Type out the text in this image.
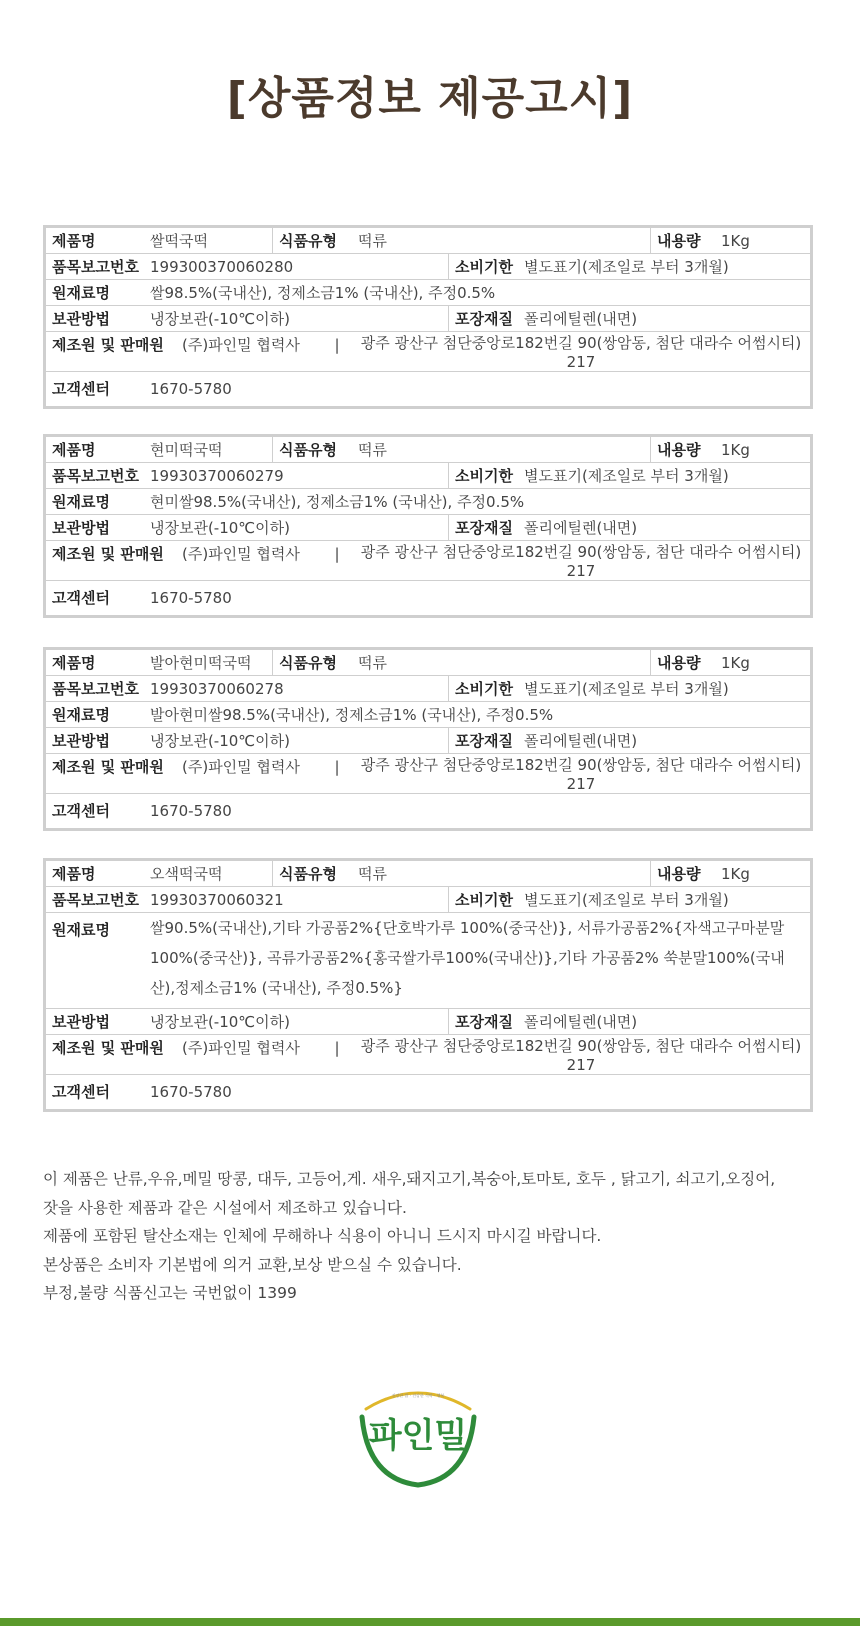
[상품정보 제공고시]
제품명	쌀떡국떡	식품유형	떡류	내용량	1Kg
품목보고번호 199300370060280	소비기한 별도표기(제조일로 부터 3개월)
원재료명	쌀98.5%(국내산), 정제소금1% (국내산), 주정0.5%
보관방법	냉장보관(-10℃이하)	포장재질 폴리에틸렌(내면)
제조원 및 판매원	(주)파인밀 협력사	|	광주 광산구 첨단중앙로182번길 90(쌍암동, 첨단 대라수 어썸시티) 217
고객센터	1670-5780
제품명	현미떡국떡	식품유형	떡류	내용량	1Kg
품목보고번호 19930370060279	소비기한 별도표기(제조일로 부터 3개월)
원재료명	현미쌀98.5%(국내산), 정제소금1% (국내산), 주정0.5%
보관방법	냉장보관(-10℃이하)	포장재질 폴리에틸렌(내면)
제조원 및 판매원	(주)파인밀 협력사	|	광주 광산구 첨단중앙로182번길 90(쌍암동, 첨단 대라수 어썸시티) 217
고객센터	1670-5780
제품명	발아현미떡국떡	식품유형	떡류	내용량	1Kg
품목보고번호 19930370060278	소비기한 별도표기(제조일로 부터 3개월)
원재료명	발아현미쌀98.5%(국내산), 정제소금1% (국내산), 주정0.5%
보관방법	냉장보관(-10℃이하)	포장재질 폴리에틸렌(내면)
제조원 및 판매원	(주)파인밀 협력사	|	광주 광산구 첨단중앙로182번길 90(쌍암동, 첨단 대라수 어썸시티) 217
고객센터	1670-5780
제품명	오색떡국떡	식품유형	떡류	내용량	1Kg
품목보고번호 19930370060321	소비기한 별도표기(제조일로 부터 3개월)
원재료명	쌀90.5%(국내산),기타 가공품2%{단호박가루 100%(중국산)}, 서류가공품2%{자색고구마분말100%(중국산)}, 곡류가공품2%{홍국쌀가루100%(국내산)},기타 가공품2% 쑥분말100%(국내산),정제소금1% (국내산), 주정0.5%}
보관방법	냉장보관(-10℃이하)	포장재질 폴리에틸렌(내면)
제조원 및 판매원	(주)파인밀 협력사	|	광주 광산구 첨단중앙로182번길 90(쌍암동, 첨단 대라수 어썸시티) 217
고객센터	1670-5780

이 제품은 난류,우유,메밀 땅콩, 대두, 고등어,게. 새우,돼지고기,복숭아,토마토, 호두 , 닭고기, 쇠고기,오징어,

잣을 사용한 제품과 같은 시설에서 제조하고 있습니다.

제품에 포함된 탈산소재는 인체에 무해하나 식용이 아니니 드시지 마시길 바랍니다.

본상품은 소비자 기본법에 의거 교환,보상 받으실 수 있습니다.

부정,불량 식품신고는 국번없이 1399

건강한 밥 · 건강한 식탁 · 행복
파인밀
